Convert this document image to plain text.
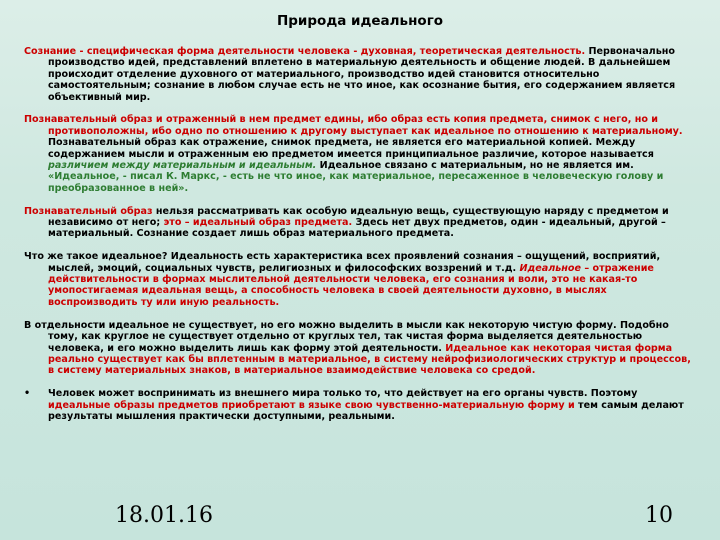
Природа идеального

Сознание - специфическая форма деятельности человека - духовная, теоретическая деятельность. Первоначально производство идей, представлений вплетено в материальную деятельность и общение людей. В дальнейшем происходит отделение духовного от материального, производство идей становится относительно самостоятельным; сознание в любом случае есть не что иное, как осознание бытия, его содержанием является объективный мир.

Познавательный образ и отраженный в нем предмет едины, ибо образ есть копия предмета, снимок с него, но и противоположны, ибо одно по отношению к другому выступает как идеальное по отношению к материальному. Познавательный образ как отражение, снимок предмета, не является его материальной копией. Между содержанием мысли и отраженным ею предметом имеется принципиальное различие, которое называется различием между материальным и идеальным. Идеальное связано с материальным, но не является им. «Идеальное, - писал К. Маркс, - есть не что иное, как материальное, пересаженное в человеческую голову и преобразованное в ней».

Познавательный образ нельзя рассматривать как особую идеальную вещь, существующую наряду с предметом и независимо от него; это – идеальный образ предмета. Здесь нет двух предметов, один - идеальный, другой – материальный. Сознание создает лишь образ материального предмета.

Что же такое идеальное? Идеальность есть характеристика всех проявлений сознания – ощущений, восприятий, мыслей, эмоций, социальных чувств, религиозных и философских воззрений и т.д. Идеальное – отражение действительности в формах мыслительной деятельности человека, его сознания и воли, это не какая-то умопостигаемая идеальная вещь, а способность человека в своей деятельности духовно, в мыслях воспроизводить ту или иную реальность.

В отдельности идеальное не существует, но его можно выделить в мысли как некоторую чистую форму. Подобно тому, как круглое не существует отдельно от круглых тел, так чистая форма выделяется деятельностью человека, и его можно выделить лишь как форму этой деятельности. Идеальное как некоторая чистая форма реально существует как бы вплетенным в материальное, в систему нейрофизиологических структур и процессов, в систему материальных знаков, в материальное взаимодействие человека со средой.

• Человек может воспринимать из внешнего мира только то, что действует на его органы чувств. Поэтому идеальные образы предметов приобретают в языке свою чувственно-материальную форму и тем самым делают результаты мышления практически доступными, реальными.

18.01.16	10
